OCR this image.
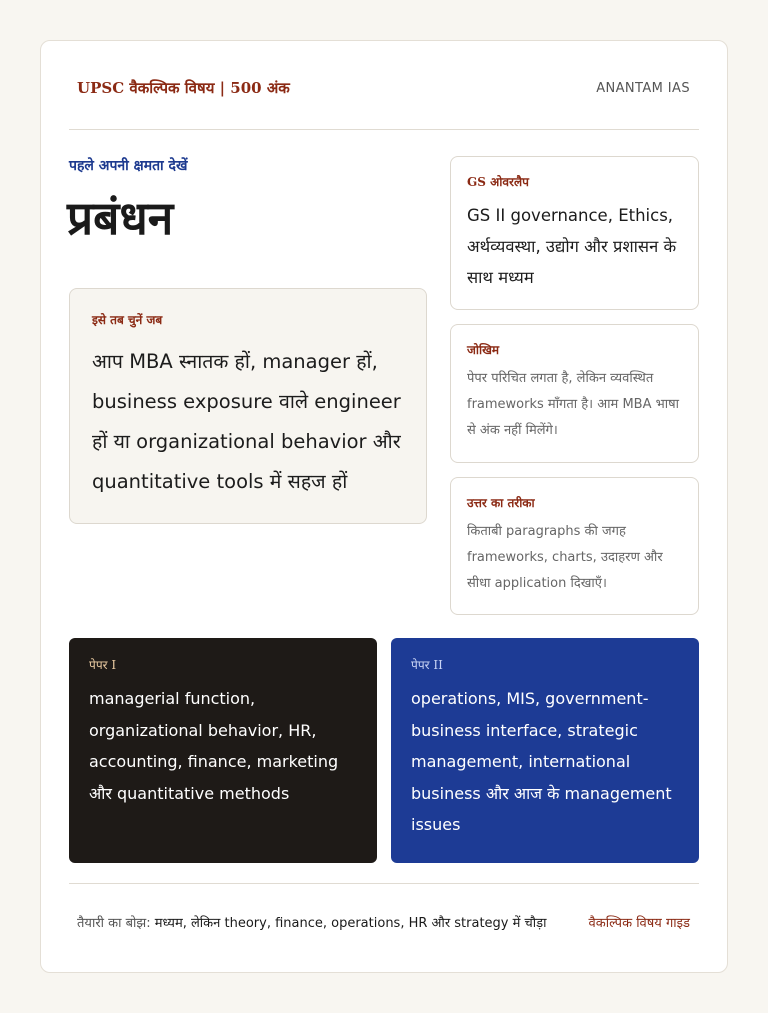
UPSC वैकल्पिक विषय | 500 अंक	ANANTAM IAS
पहले अपनी क्षमता देखें
प्रबंधन
इसे तब चुनें जब
आप MBA स्नातक हों, manager हों, business exposure वाले engineer हों या organizational behavior और quantitative tools में सहज हों
GS ओवरलैप
GS II governance, Ethics, अर्थव्यवस्था, उद्योग और प्रशासन के साथ मध्यम
जोखिम
पेपर परिचित लगता है, लेकिन व्यवस्थित frameworks माँगता है। आम MBA भाषा से अंक नहीं मिलेंगे।
उत्तर का तरीका
किताबी paragraphs की जगह frameworks, charts, उदाहरण और सीधा application दिखाएँ।
पेपर I
managerial function, organizational behavior, HR, accounting, finance, marketing और quantitative methods
पेपर II
operations, MIS, government-business interface, strategic management, international business और आज के management issues
तैयारी का बोझ: मध्यम, लेकिन theory, finance, operations, HR और strategy में चौड़ा	वैकल्पिक विषय गाइड
